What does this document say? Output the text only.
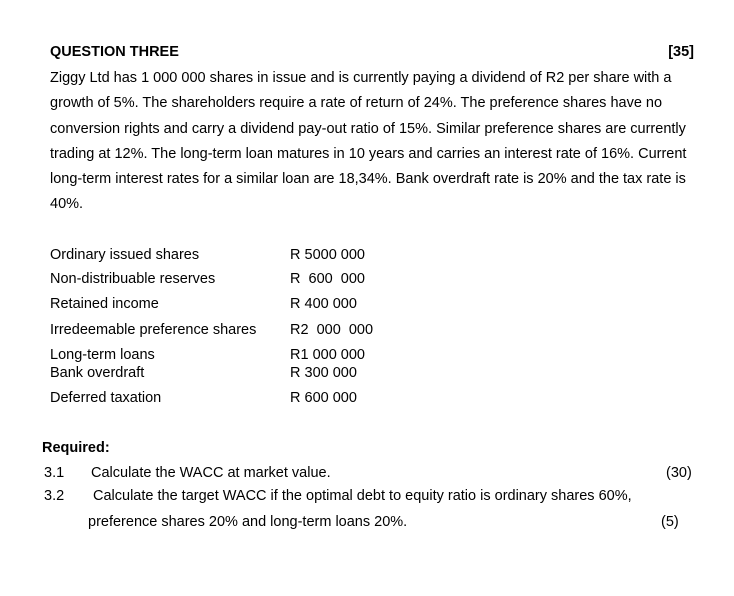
QUESTION THREE	[35]
Ziggy Ltd has 1 000 000 shares in issue and is currently paying a dividend of R2 per share with a
growth of 5%. The shareholders require a rate of return of 24%. The preference shares have no
conversion rights and carry a dividend pay-out ratio of 15%. Similar preference shares are currently
trading at 12%. The long-term loan matures in 10 years and carries an interest rate of 16%. Current
long-term interest rates for a similar loan are 18,34%. Bank overdraft rate is 20% and the tax rate is
40%.
Ordinary issued shares	R 5000 000
Non-distribuable reserves	R  600  000
Retained income	R 400 000
Irredeemable preference shares R2  000  000
Long-term loans	R1 000 000
Bank overdraft	R 300 000
Deferred taxation	R 600 000
Required:
3.1 Calculate the WACC at market value.	(30)
3.2 Calculate the target WACC if the optimal debt to equity ratio is ordinary shares 60%,
preference shares 20% and long-term loans 20%.	(5)
